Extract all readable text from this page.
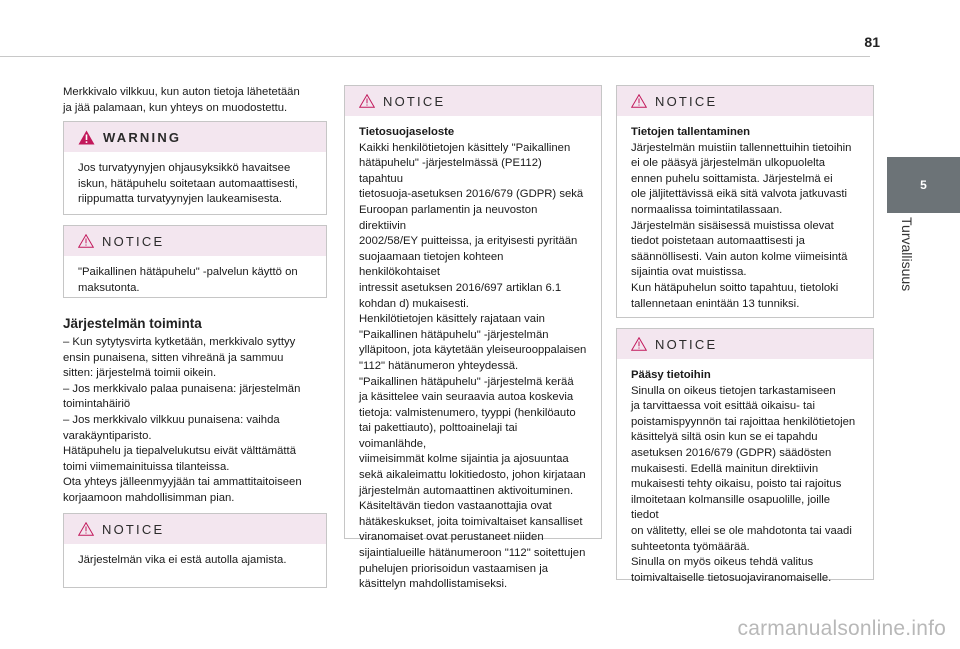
81
5
Turvallisuus
Merkkivalo vilkkuu, kun auton tietoja lähetetään
ja jää palamaan, kun yhteys on muodostettu.
WARNING
Jos turvatyynyjen ohjausyksikkö havaitsee
iskun, hätäpuhelu soitetaan automaattisesti,
riippumatta turvatyynyjen laukeamisesta.
NOTICE
"Paikallinen hätäpuhelu" -palvelun käyttö on
maksutonta.
Järjestelmän toiminta
– Kun sytytysvirta kytketään, merkkivalo syttyy
ensin punaisena, sitten vihreänä ja sammuu
sitten: järjestelmä toimii oikein.
– Jos merkkivalo palaa punaisena: järjestelmän
toimintahäiriö
– Jos merkkivalo vilkkuu punaisena: vaihda
varakäyntiparisto.
Hätäpuhelu ja tiepalvelukutsu eivät välttämättä
toimi viimemainituissa tilanteissa.
Ota yhteys jälleenmyyjään tai ammattitaitoiseen
korjaamoon mahdollisimman pian.
NOTICE
Järjestelmän vika ei estä autolla ajamista.
NOTICE
Tietosuojaseloste
Kaikki henkilötietojen käsittely "Paikallinen
hätäpuhelu" -järjestelmässä (PE112) tapahtuu
tietosuoja-asetuksen 2016/679 (GDPR) sekä
Euroopan parlamentin ja neuvoston direktiivin
2002/58/EY puitteissa, ja erityisesti pyritään
suojaamaan tietojen kohteen henkilökohtaiset
intressit asetuksen 2016/697 artiklan 6.1
kohdan d) mukaisesti.
Henkilötietojen käsittely rajataan vain
"Paikallinen hätäpuhelu" -järjestelmän
ylläpitoon, jota käytetään yleiseurooppalaisen
"112" hätänumeron yhteydessä.
"Paikallinen hätäpuhelu" -järjestelmä kerää
ja käsittelee vain seuraavia autoa koskevia
tietoja: valmistenumero, tyyppi (henkilöauto
tai pakettiauto), polttoainelaji tai voimanlähde,
viimeisimmät kolme sijaintia ja ajosuuntaa
sekä aikaleimattu lokitiedosto, johon kirjataan
järjestelmän automaattinen aktivoituminen.
Käsiteltävän tiedon vastaanottajia ovat
hätäkeskukset, joita toimivaltaiset kansalliset
viranomaiset ovat perustaneet niiden
sijaintialueille hätänumeroon "112" soitettujen
puhelujen priorisoidun vastaamisen ja
käsittelyn mahdollistamiseksi.
NOTICE
Tietojen tallentaminen
Järjestelmän muistiin tallennettuihin tietoihin
ei ole pääsyä järjestelmän ulkopuolelta
ennen puhelu soittamista. Järjestelmä ei
ole jäljitettävissä eikä sitä valvota jatkuvasti
normaalissa toimintatilassaan.
Järjestelmän sisäisessä muistissa olevat
tiedot poistetaan automaattisesti ja
säännöllisesti. Vain auton kolme viimeisintä
sijaintia ovat muistissa.
Kun hätäpuhelun soitto tapahtuu, tietoloki
tallennetaan enintään 13 tunniksi.
NOTICE
Pääsy tietoihin
Sinulla on oikeus tietojen tarkastamiseen
ja tarvittaessa voit esittää oikaisu- tai
poistamispyynnön tai rajoittaa henkilötietojen
käsittelyä siltä osin kun se ei tapahdu
asetuksen 2016/679 (GDPR) säädösten
mukaisesti. Edellä mainitun direktiivin
mukaisesti tehty oikaisu, poisto tai rajoitus
ilmoitetaan kolmansille osapuolille, joille tiedot
on välitetty, ellei se ole mahdotonta tai vaadi
suhteetonta työmäärää.
Sinulla on myös oikeus tehdä valitus
toimivaltaiselle tietosuojaviranomaiselle.
carmanualsonline.info
